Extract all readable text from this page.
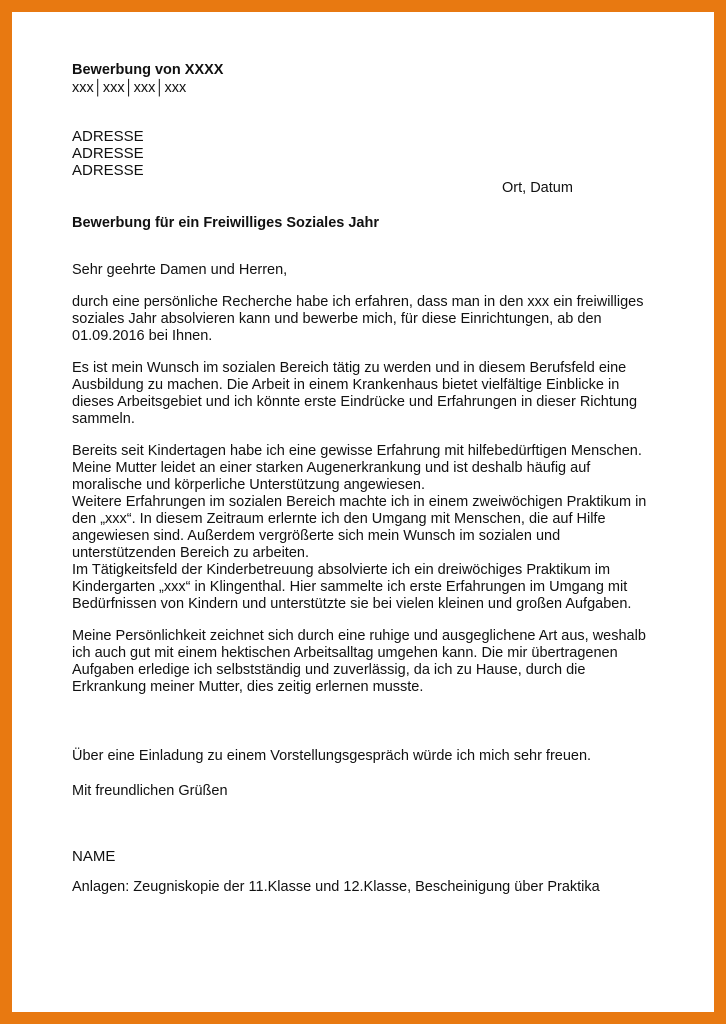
Bewerbung von XXXX

xxx│xxx│xxx│xxx

ADRESSE

ADRESSE

ADRESSE

Ort, Datum
Bewerbung für ein Freiwilliges Soziales Jahr
Sehr geehrte Damen und Herren,
durch eine persönliche Recherche habe ich erfahren, dass man in den xxx ein freiwilliges soziales Jahr absolvieren kann und bewerbe mich, für diese Einrichtungen, ab den 01.09.2016 bei Ihnen.
Es ist mein Wunsch im sozialen Bereich tätig zu werden und in diesem Berufsfeld eine Ausbildung zu machen. Die Arbeit in einem Krankenhaus bietet vielfältige Einblicke in dieses Arbeitsgebiet und ich könnte erste Eindrücke und Erfahrungen in dieser Richtung sammeln.
Bereits seit Kindertagen habe ich eine gewisse Erfahrung mit hilfebedürftigen Menschen. Meine Mutter leidet an einer starken Augenerkrankung und ist deshalb häufig auf moralische und körperliche Unterstützung angewiesen.
Weitere Erfahrungen im sozialen Bereich machte ich in einem zweiwöchigen Praktikum in den „xxx“. In diesem Zeitraum erlernte ich den Umgang mit Menschen, die auf Hilfe angewiesen sind. Außerdem vergrößerte sich mein Wunsch im sozialen und unterstützenden Bereich zu arbeiten.
Im Tätigkeitsfeld der Kinderbetreuung absolvierte ich ein dreiwöchiges Praktikum im Kindergarten „xxx“ in Klingenthal. Hier sammelte ich erste Erfahrungen im Umgang mit Bedürfnissen von Kindern und unterstützte sie bei vielen kleinen und großen Aufgaben.
Meine Persönlichkeit zeichnet sich durch eine ruhige und ausgeglichene Art aus, weshalb ich auch gut mit einem hektischen Arbeitsalltag umgehen kann. Die mir übertragenen Aufgaben erledige ich selbstständig und zuverlässig, da ich zu Hause, durch die Erkrankung meiner Mutter, dies zeitig erlernen musste.
Über eine Einladung zu einem Vorstellungsgespräch würde ich mich sehr freuen.
Mit freundlichen Grüßen
NAME
Anlagen: Zeugniskopie der 11.Klasse und 12.Klasse, Bescheinigung über Praktika
